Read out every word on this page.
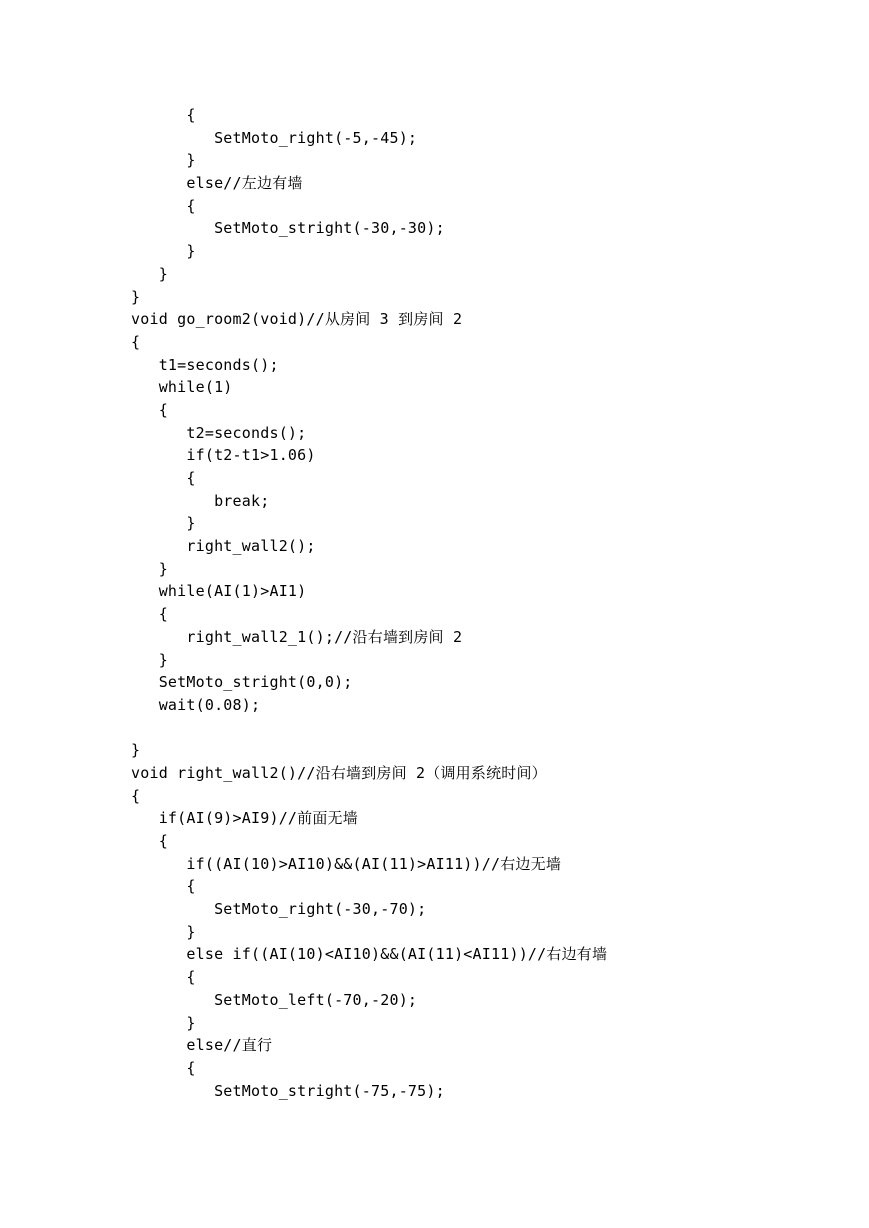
{
SetMoto_right(-5,-45);
}
else//左边有墙
{
SetMoto_stright(-30,-30);
}
}
}
void go_room2(void)//从房间 3 到房间 2
{
t1=seconds();
while(1)
{
t2=seconds();
if(t2-t1>1.06)
{
break;
}
right_wall2();
}
while(AI(1)>AI1)
{
right_wall2_1();//沿右墙到房间 2
}
SetMoto_stright(0,0);
wait(0.08);
}
void right_wall2()//沿右墙到房间 2（调用系统时间）
{
if(AI(9)>AI9)//前面无墙
{
if((AI(10)>AI10)&&(AI(11)>AI11))//右边无墙
{
SetMoto_right(-30,-70);
}
else if((AI(10)<AI10)&&(AI(11)<AI11))//右边有墙
{
SetMoto_left(-70,-20);
}
else//直行
{
SetMoto_stright(-75,-75);
